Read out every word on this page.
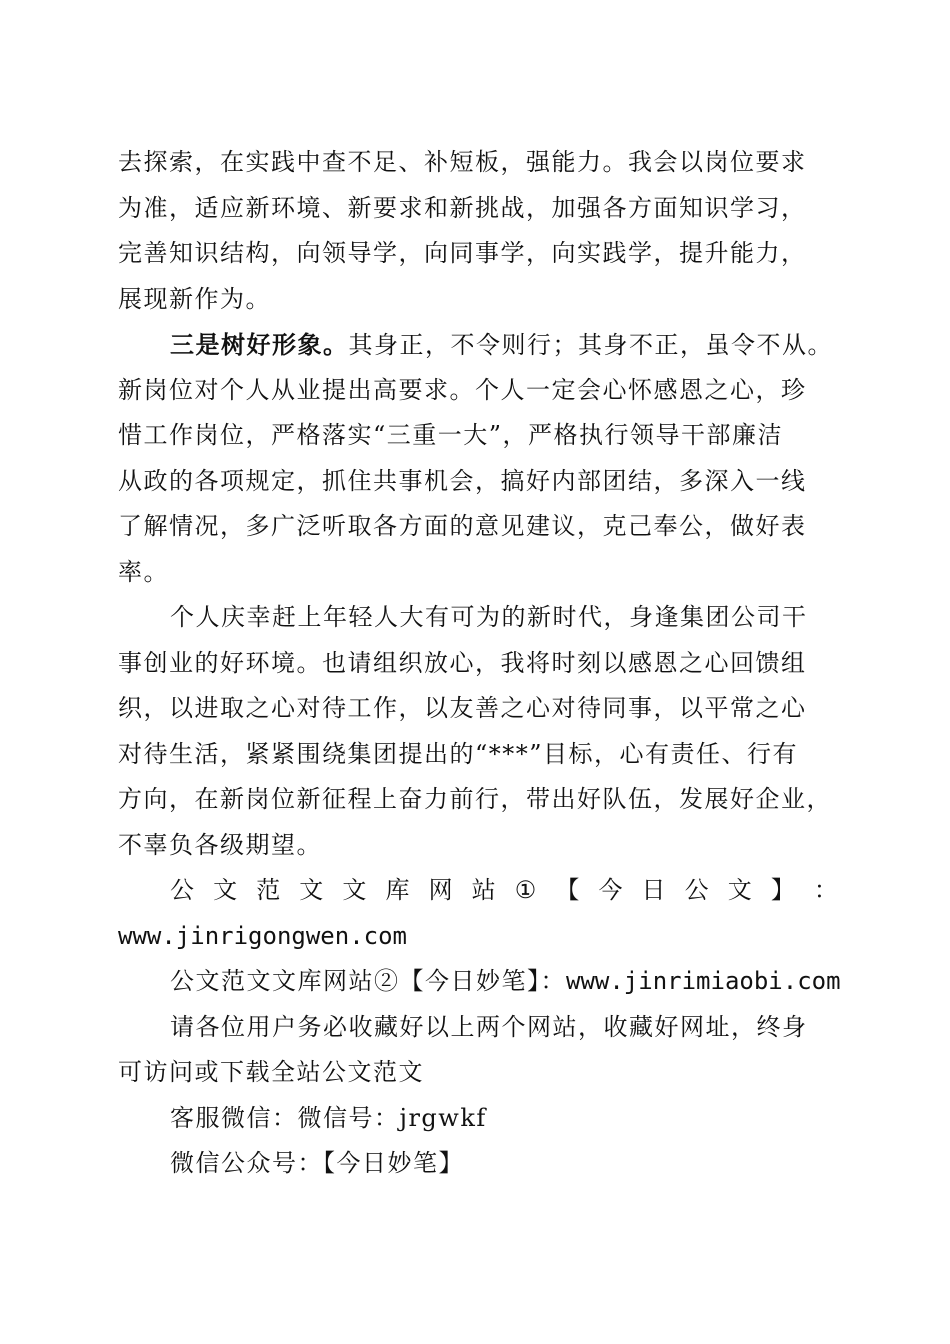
去探索，在实践中查不足、补短板，强能力。我会以岗位要求
为准，适应新环境、新要求和新挑战，加强各方面知识学习，
完善知识结构，向领导学，向同事学，向实践学，提升能力，
展现新作为。
三是树好形象。其身正，不令则行；其身不正，虽令不从。
新岗位对个人从业提出高要求。个人一定会心怀感恩之心，珍
惜工作岗位，严格落实“三重一大”，严格执行领导干部廉洁
从政的各项规定，抓住共事机会，搞好内部团结，多深入一线
了解情况，多广泛听取各方面的意见建议，克己奉公，做好表
率。
个人庆幸赶上年轻人大有可为的新时代，身逢集团公司干
事创业的好环境。也请组织放心，我将时刻以感恩之心回馈组
织，以进取之心对待工作，以友善之心对待同事，以平常之心
对待生活，紧紧围绕集团提出的“***”目标，心有责任、行有
方向，在新岗位新征程上奋力前行，带出好队伍，发展好企业，
不辜负各级期望。
公 文 范 文 文 库 网 站 ① 【 今 日 公 文 】 ：
www.jinrigongwen.com
公文范文文库网站②【今日妙笔】：www.jinrimiaobi.com
请各位用户务必收藏好以上两个网站，收藏好网址，终身
可访问或下载全站公文范文
客服微信：微信号：jrgwkf
微信公众号：【今日妙笔】
